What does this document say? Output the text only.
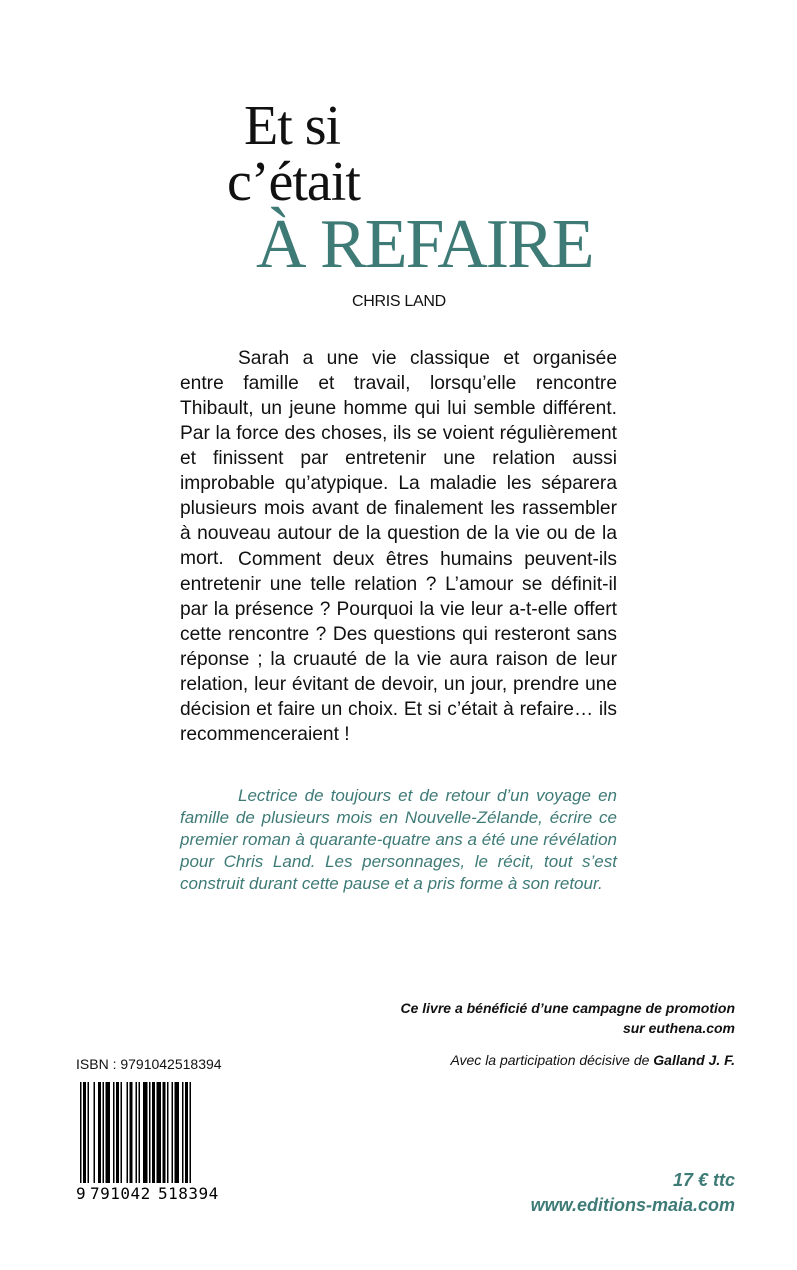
Et si
c’était
À REFAIRE
CHRIS LAND

Sarah a une vie classique et organisée entre famille et travail, lorsqu’elle rencontre Thibault, un jeune homme qui lui semble différent. Par la force des choses, ils se voient régulièrement et finissent par entretenir une relation aussi improbable qu’atypique. La maladie les séparera plusieurs mois avant de finalement les rassembler à nouveau autour de la question de la vie ou de la mort. Comment deux êtres humains peuvent-ils entretenir une telle relation ? L’amour se définit-il par la présence ? Pourquoi la vie leur a-t-elle offert cette rencontre ? Des questions qui resteront sans réponse ; la cruauté de la vie aura raison de leur relation, leur évitant de devoir, un jour, prendre une décision et faire un choix. Et si c’était à refaire… ils recommenceraient !

Lectrice de toujours et de retour d’un voyage en famille de plusieurs mois en Nouvelle-Zélande, écrire ce premier roman à quarante-quatre ans a été une révélation pour Chris Land. Les personnages, le récit, tout s’est construit durant cette pause et a pris forme à son retour.

Ce livre a bénéficié d’une campagne de promotion
sur euthena.com
Avec la participation décisive de Galland J. F.
ISBN : 9791042518394
9 791042 518394
17 € ttc
www.editions-maia.com
